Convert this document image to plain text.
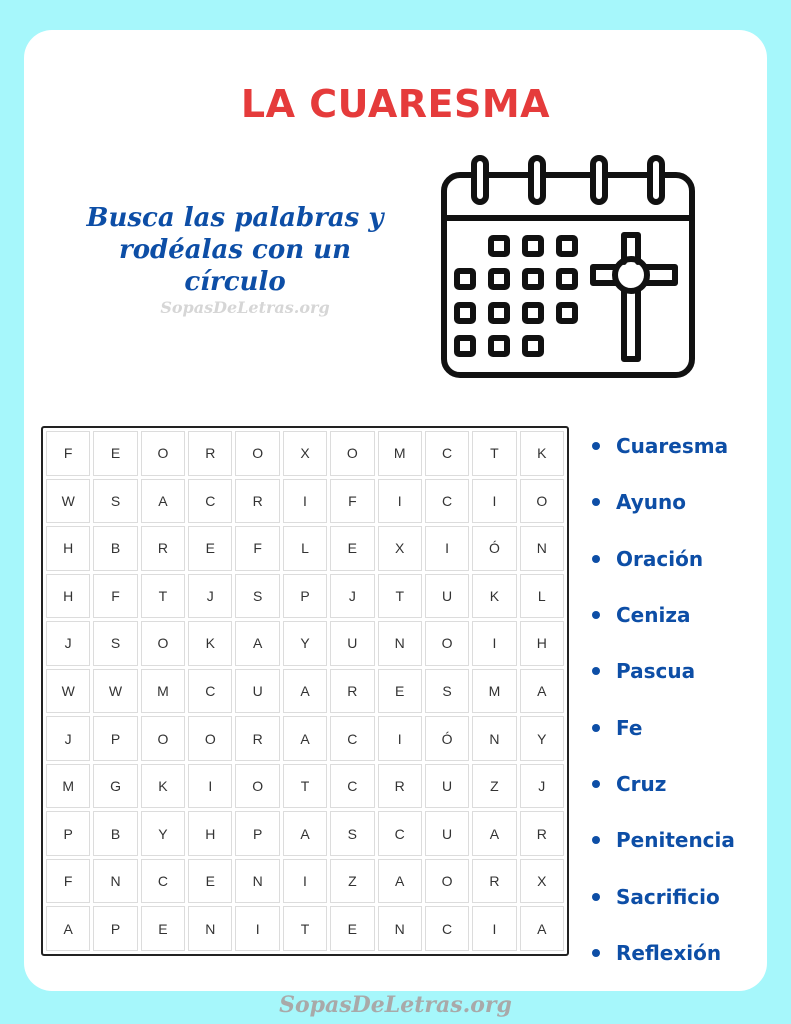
LA CUARESMA
Busca las palabras y rodéalas con un círculo
SopasDeLetras.org
F	E	O	R	O	X	O	M	C	T	K
W	S	A	C	R	I	F	I	C	I	O
H	B	R	E	F	L	E	X	I	Ó	N
H	F	T	J	S	P	J	T	U	K	L
J	S	O	K	A	Y	U	N	O	I	H
W	W	M	C	U	A	R	E	S	M	A
J	P	O	O	R	A	C	I	Ó	N	Y
M	G	K	I	O	T	C	R	U	Z	J
P	B	Y	H	P	A	S	C	U	A	R
F	N	C	E	N	I	Z	A	O	R	X
A	P	E	N	I	T	E	N	C	I	A
Cuaresma
Ayuno
Oración
Ceniza
Pascua
Fe
Cruz
Penitencia
Sacrificio
Reflexión
SopasDeLetras.org
